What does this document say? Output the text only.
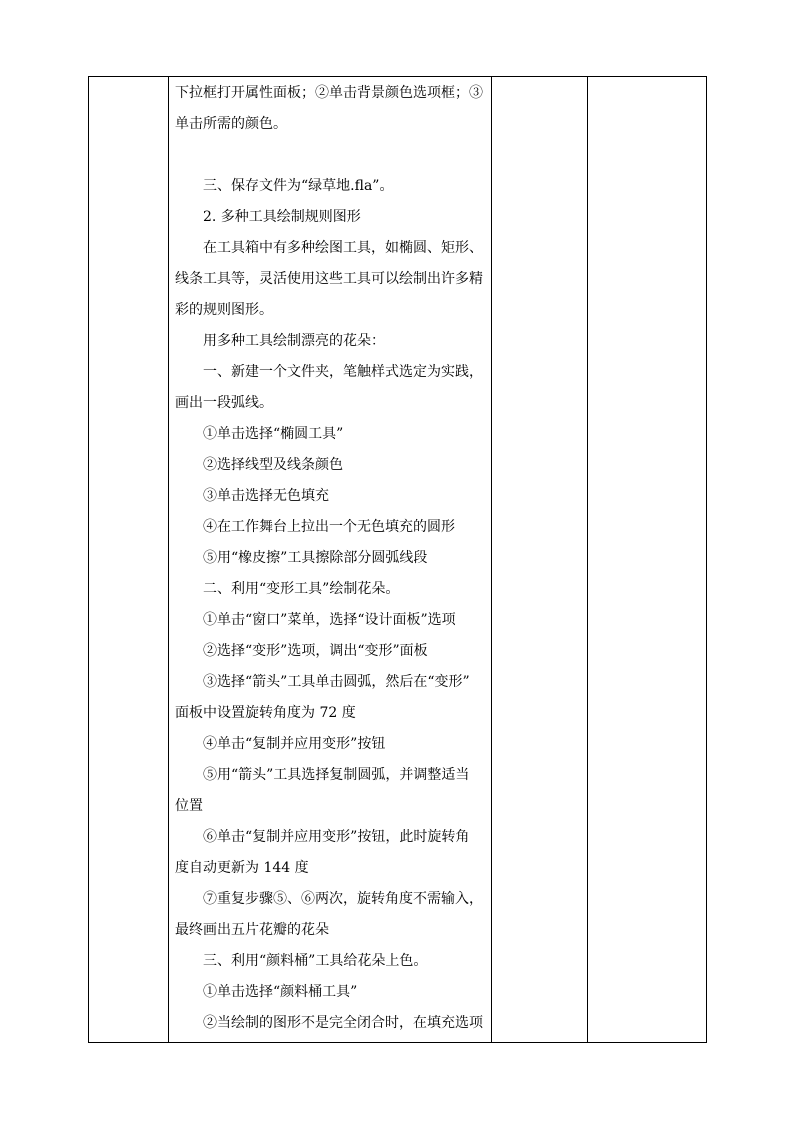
下拉框打开属性面板；②单击背景颜色选项框；③
单击所需的颜色。
三、保存文件为“绿草地.fla”。
2. 多种工具绘制规则图形
在工具箱中有多种绘图工具，如椭圆、矩形、
线条工具等，灵活使用这些工具可以绘制出许多精
彩的规则图形。
用多种工具绘制漂亮的花朵：
一、新建一个文件夹，笔触样式选定为实践，
画出一段弧线。
①单击选择“椭圆工具”
②选择线型及线条颜色
③单击选择无色填充
④在工作舞台上拉出一个无色填充的圆形
⑤用“橡皮擦”工具擦除部分圆弧线段
二、利用“变形工具”绘制花朵。
①单击“窗口”菜单，选择“设计面板”选项
②选择“变形”选项，调出“变形”面板
③选择“箭头”工具单击圆弧，然后在“变形”
面板中设置旋转角度为 72 度
④单击“复制并应用变形”按钮
⑤用“箭头”工具选择复制圆弧，并调整适当
位置
⑥单击“复制并应用变形”按钮，此时旋转角
度自动更新为 144 度
⑦重复步骤⑤、⑥两次，旋转角度不需输入，
最终画出五片花瓣的花朵
三、利用“颜料桶”工具给花朵上色。
①单击选择“颜料桶工具”
②当绘制的图形不是完全闭合时，在填充选项
